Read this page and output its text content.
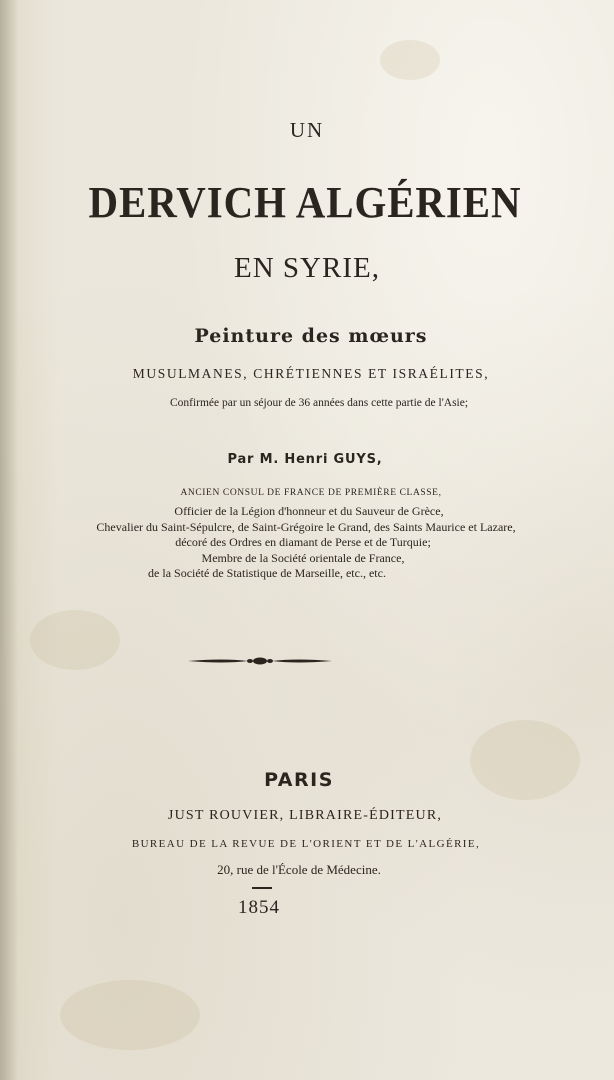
UN
DERVICH ALGÉRIEN
EN SYRIE,
Peinture des mœurs
MUSULMANES, CHRÉTIENNES ET ISRAÉLITES,
Confirmée par un séjour de 36 années dans cette partie de l'Asie;
Par M. Henri GUYS,
ANCIEN CONSUL DE FRANCE DE PREMIÈRE CLASSE,
Officier de la Légion d'honneur et du Sauveur de Grèce,
Chevalier du Saint-Sépulcre, de Saint-Grégoire le Grand, des Saints Maurice et Lazare,
décoré des Ordres en diamant de Perse et de Turquie;
Membre de la Société orientale de France,
de la Société de Statistique de Marseille, etc., etc.
PARIS
JUST ROUVIER, LIBRAIRE-ÉDITEUR,
BUREAU DE LA REVUE DE L'ORIENT ET DE L'ALGÉRIE,
20, rue de l'École de Médecine.
1854
